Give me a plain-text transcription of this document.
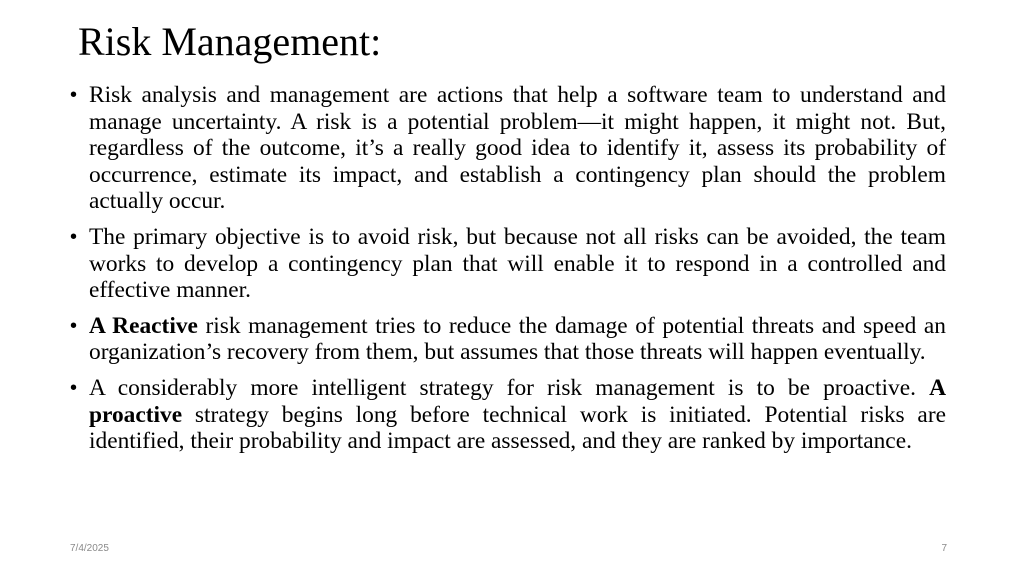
Risk Management:
• Risk analysis and management are actions that help a software team to understand and manage uncertainty. A risk is a potential problem—it might happen, it might not. But, regardless of the outcome, it’s a really good idea to identify it, assess its probability of occurrence, estimate its impact, and establish a contingency plan should the problem actually occur.
• The primary objective is to avoid risk, but because not all risks can be avoided, the team works to develop a contingency plan that will enable it to respond in a controlled and effective manner.
• A Reactive risk management tries to reduce the damage of potential threats and speed an organization’s recovery from them, but assumes that those threats will happen eventually.
• A considerably more intelligent strategy for risk management is to be proactive. A proactive strategy begins long before technical work is initiated. Potential risks are identified, their probability and impact are assessed, and they are ranked by importance.
7/4/2025	7
